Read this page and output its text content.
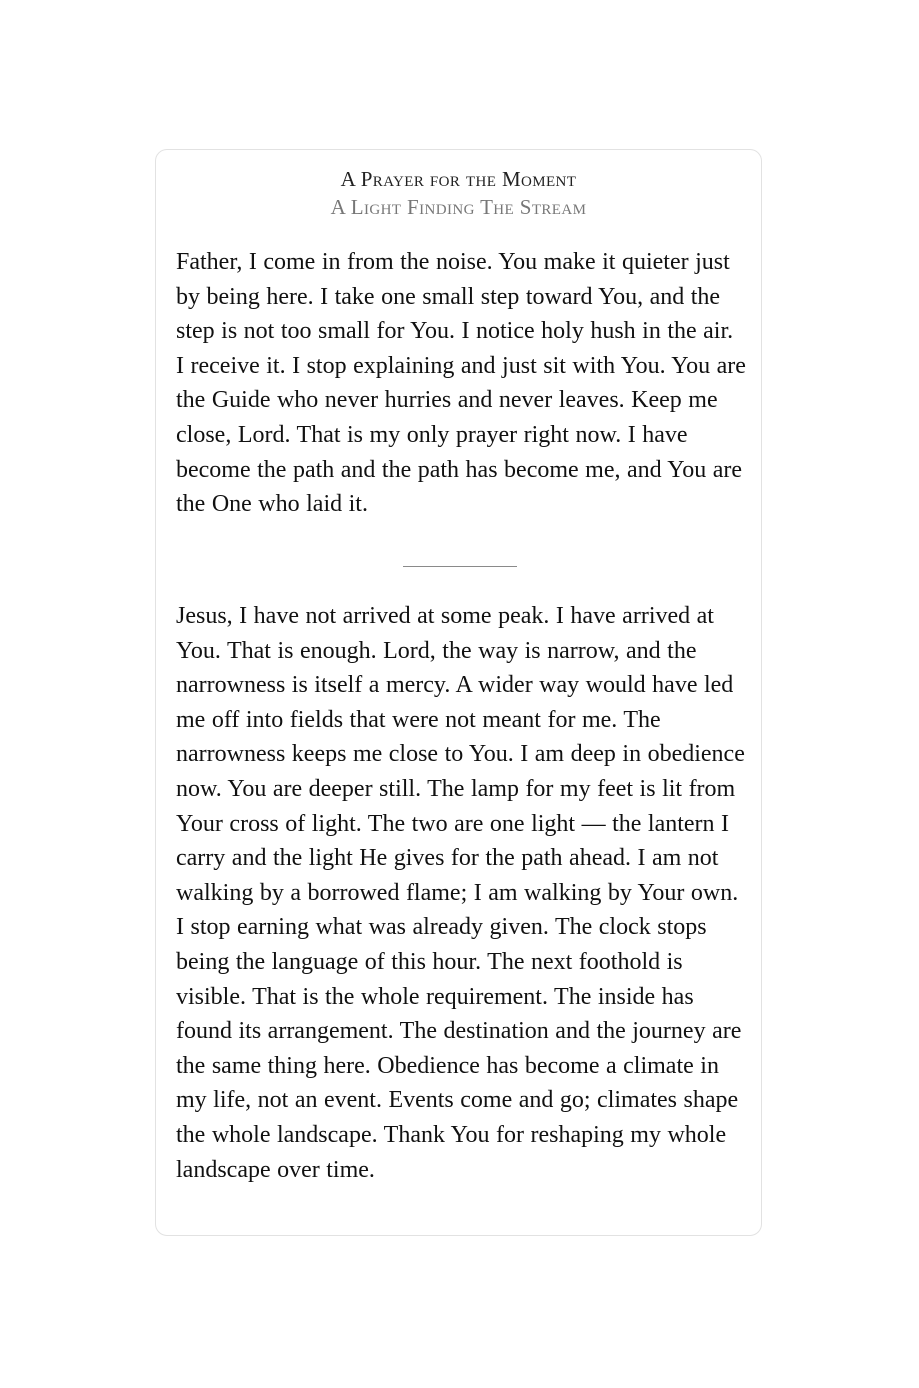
A Prayer for the Moment
A Light Finding The Stream

Father, I come in from the noise. You make it quieter just by being here. I take one small step toward You, and the step is not too small for You. I notice holy hush in the air. I receive it. I stop explaining and just sit with You. You are the Guide who never hurries and never leaves. Keep me close, Lord. That is my only prayer right now. I have become the path and the path has become me, and You are the One who laid it.

Jesus, I have not arrived at some peak. I have arrived at You. That is enough. Lord, the way is narrow, and the narrowness is itself a mercy. A wider way would have led me off into fields that were not meant for me. The narrowness keeps me close to You. I am deep in obedience now. You are deeper still. The lamp for my feet is lit from Your cross of light. The two are one light — the lantern I carry and the light He gives for the path ahead. I am not walking by a borrowed flame; I am walking by Your own. I stop earning what was already given. The clock stops being the language of this hour. The next foothold is visible. That is the whole requirement. The inside has found its arrangement. The destination and the journey are the same thing here. Obedience has become a climate in my life, not an event. Events come and go; climates shape the whole landscape. Thank You for reshaping my whole landscape over time.
